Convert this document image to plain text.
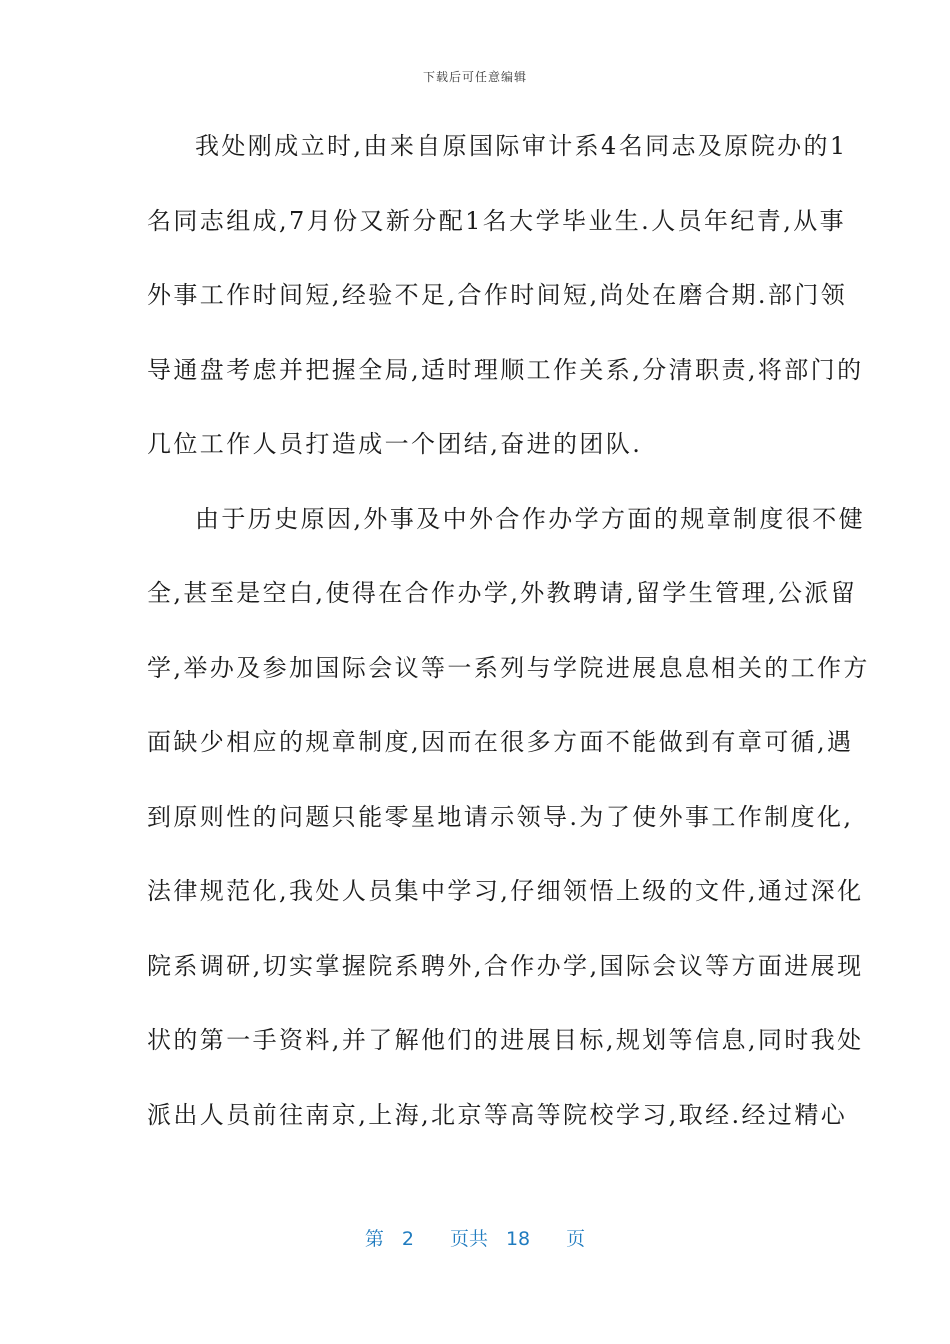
下载后可任意编辑
我处刚成立时,由来自原国际审计系4名同志及原院办的1
名同志组成,7月份又新分配1名大学毕业生.人员年纪青,从事
外事工作时间短,经验不足,合作时间短,尚处在磨合期.部门领
导通盘考虑并把握全局,适时理顺工作关系,分清职责,将部门的
几位工作人员打造成一个团结,奋进的团队.
由于历史原因,外事及中外合作办学方面的规章制度很不健
全,甚至是空白,使得在合作办学,外教聘请,留学生管理,公派留
学,举办及参加国际会议等一系列与学院进展息息相关的工作方
面缺少相应的规章制度,因而在很多方面不能做到有章可循,遇
到原则性的问题只能零星地请示领导.为了使外事工作制度化,
法律规范化,我处人员集中学习,仔细领悟上级的文件,通过深化
院系调研,切实掌握院系聘外,合作办学,国际会议等方面进展现
状的第一手资料,并了解他们的进展目标,规划等信息,同时我处
派出人员前往南京,上海,北京等高等院校学习,取经.经过精心
第 2 页共 18 页
